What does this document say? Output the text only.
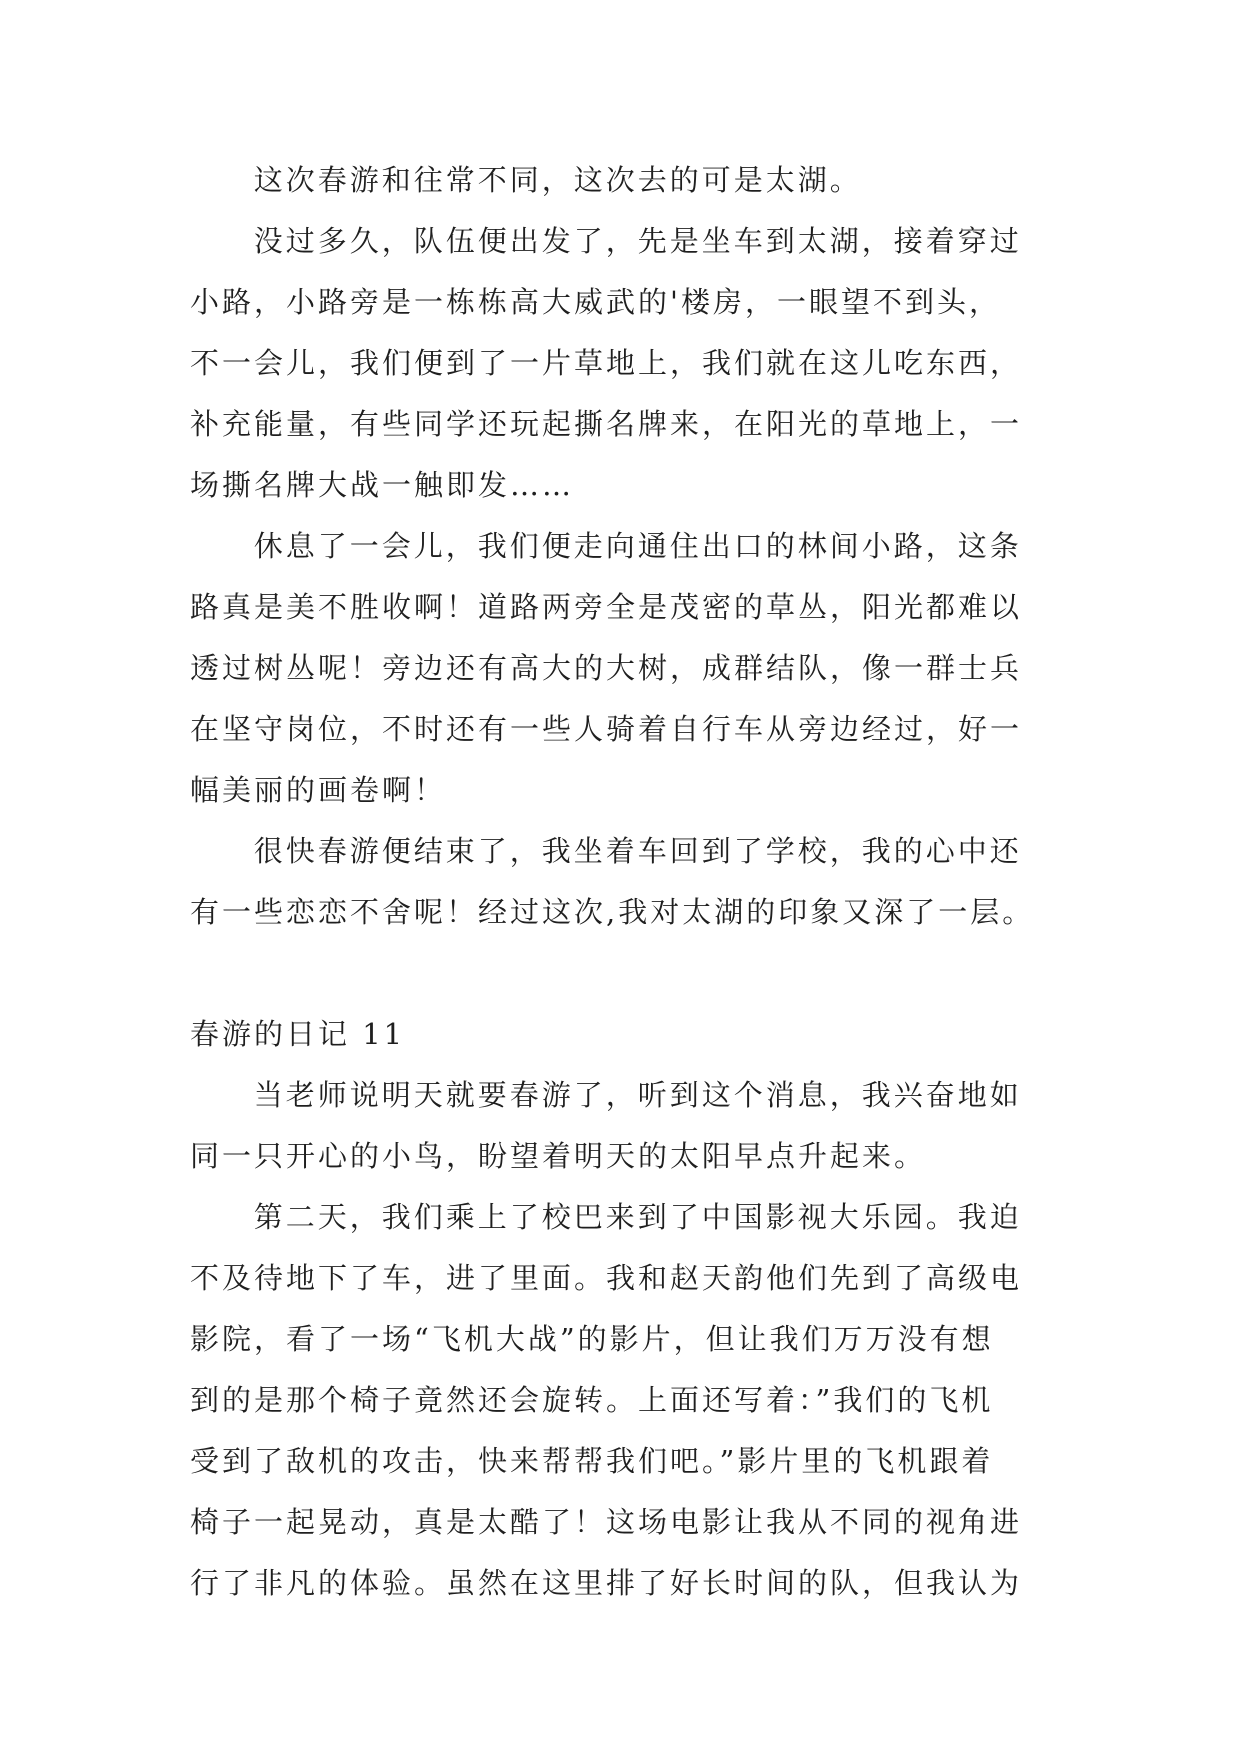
这次春游和往常不同，这次去的可是太湖。

没过多久，队伍便出发了，先是坐车到太湖，接着穿过
小路，小路旁是一栋栋高大威武的'楼房，一眼望不到头，
不一会儿，我们便到了一片草地上，我们就在这儿吃东西，
补充能量，有些同学还玩起撕名牌来，在阳光的草地上，一
场撕名牌大战一触即发……

休息了一会儿，我们便走向通住出口的林间小路，这条
路真是美不胜收啊！道路两旁全是茂密的草丛，阳光都难以
透过树丛呢！旁边还有高大的大树，成群结队，像一群士兵
在坚守岗位，不时还有一些人骑着自行车从旁边经过，好一
幅美丽的画卷啊！

很快春游便结束了，我坐着车回到了学校，我的心中还
有一些恋恋不舍呢！经过这次,我对太湖的印象又深了一层。

春游的日记 11

当老师说明天就要春游了，听到这个消息，我兴奋地如
同一只开心的小鸟，盼望着明天的太阳早点升起来。

第二天，我们乘上了校巴来到了中国影视大乐园。我迫
不及待地下了车，进了里面。我和赵天韵他们先到了高级电
影院，看了一场“飞机大战”的影片，但让我们万万没有想
到的是那个椅子竟然还会旋转。上面还写着：”我们的飞机
受到了敌机的攻击，快来帮帮我们吧。”影片里的飞机跟着
椅子一起晃动，真是太酷了！这场电影让我从不同的视角进
行了非凡的体验。虽然在这里排了好长时间的队，但我认为
